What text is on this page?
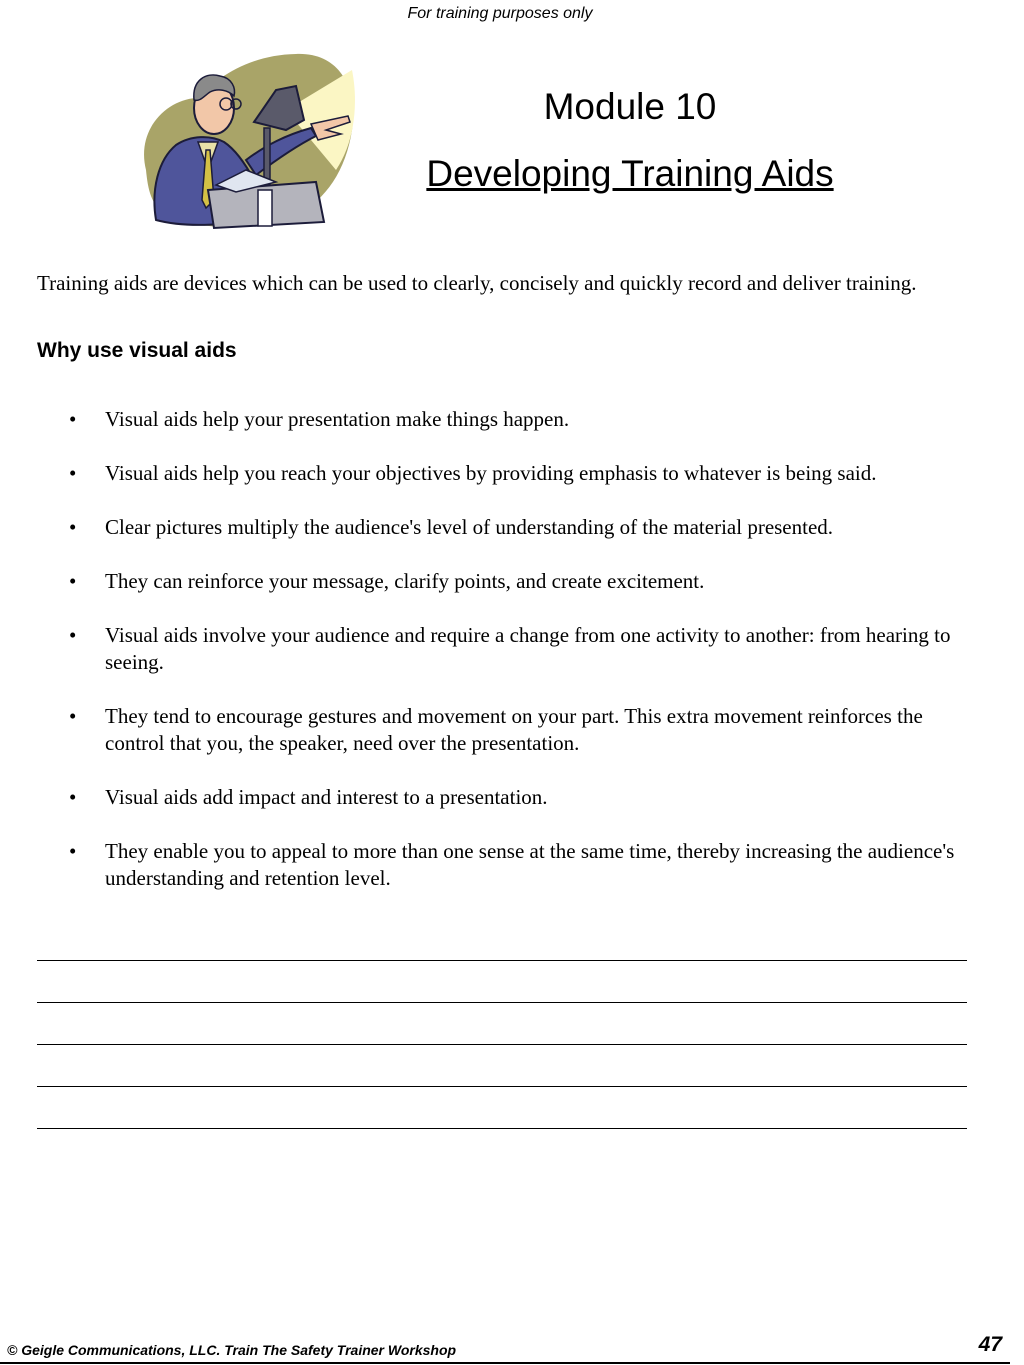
For training purposes only
Module 10
Developing Training Aids
Training aids are devices which can be used to clearly, concisely and quickly record and deliver training.
Why use visual aids
• Visual aids help your presentation make things happen.
• Visual aids help you reach your objectives by providing emphasis to whatever is being said.
• Clear pictures multiply the audience's level of understanding of the material presented.
• They can reinforce your message, clarify points, and create excitement.
• Visual aids involve your audience and require a change from one activity to another: from hearing to seeing.
• They tend to encourage gestures and movement on your part. This extra movement reinforces the control that you, the speaker, need over the presentation.
• Visual aids add impact and interest to a presentation.
• They enable you to appeal to more than one sense at the same time, thereby increasing the audience's understanding and retention level.
© Geigle Communications, LLC. Train The Safety Trainer Workshop	47
